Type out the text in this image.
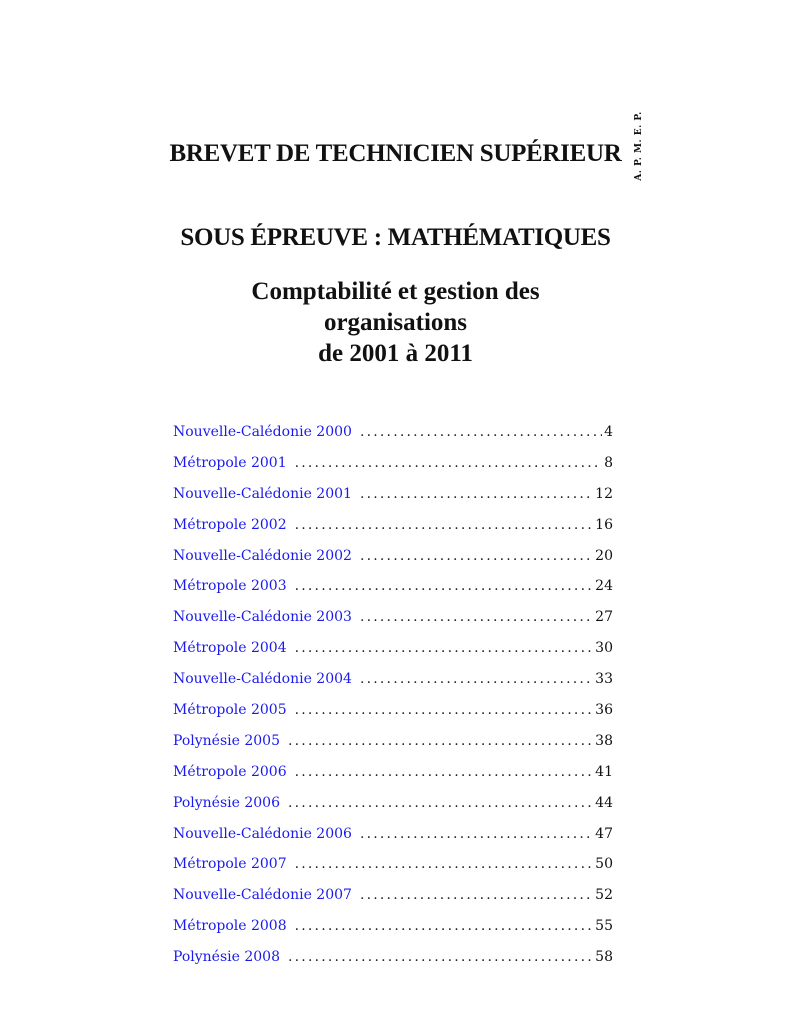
A. P. M. E. P.
BREVET DE TECHNICIEN SUPÉRIEUR
SOUS ÉPREUVE : MATHÉMATIQUES
Comptabilité et gestion des
organisations
de 2001 à 2011
Nouvelle-Calédonie 2000 .....	4
Métropole 2001 .....	8
Nouvelle-Calédonie 2001 .....	12
Métropole 2002 .....	16
Nouvelle-Calédonie 2002 .....	20
Métropole 2003 .....	24
Nouvelle-Calédonie 2003 .....	27
Métropole 2004 .....	30
Nouvelle-Calédonie 2004 .....	33
Métropole 2005 .....	36
Polynésie 2005 .....	38
Métropole 2006 .....	41
Polynésie 2006 .....	44
Nouvelle-Calédonie 2006 .....	47
Métropole 2007 .....	50
Nouvelle-Calédonie 2007 .....	52
Métropole 2008 .....	55
Polynésie 2008 .....	58
